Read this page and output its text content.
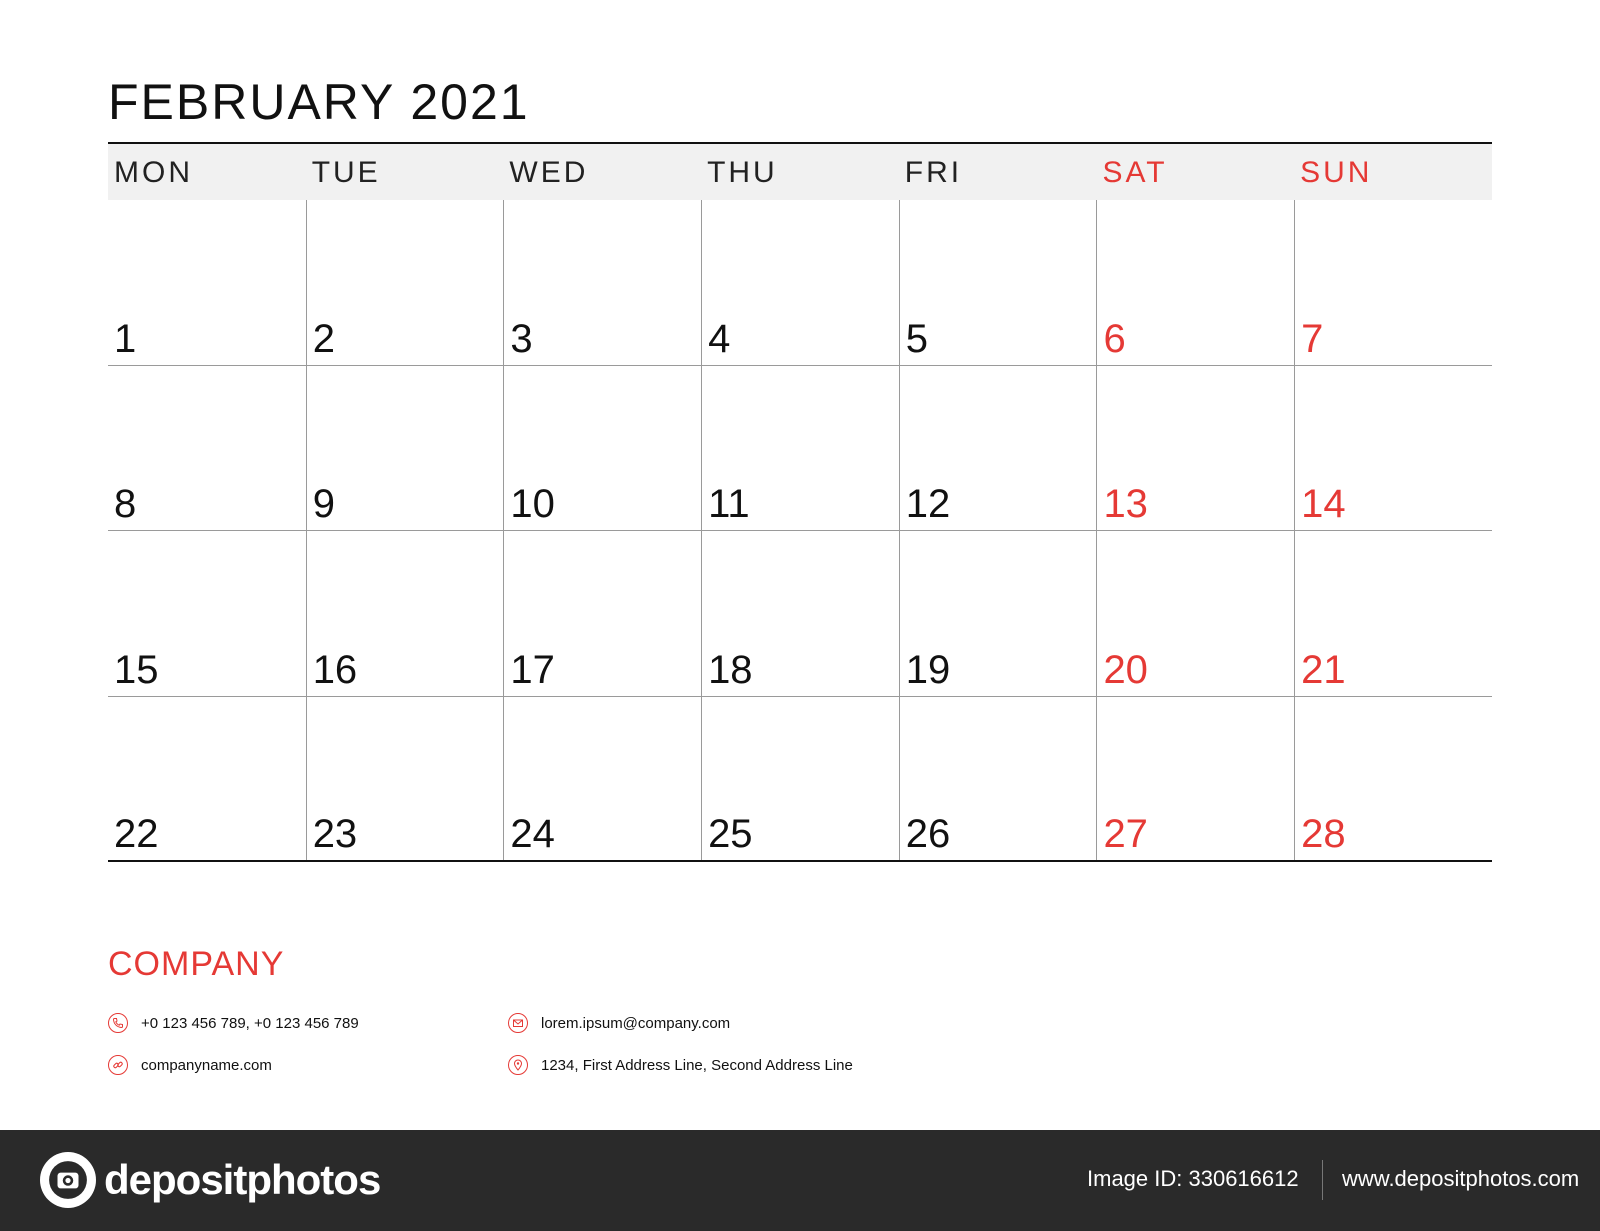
FEBRUARY 2021
MON	TUE	WED	THU	FRI	SAT	SUN
1	2	3	4	5	6	7
8	9	10	11	12	13	14
15	16	17	18	19	20	21
22	23	24	25	26	27	28
COMPANY
+0 123 456 789, +0 123 456 789	lorem.ipsum@company.com
companyname.com	1234, First Address Line, Second Address Line
depositphotos	Image ID: 330616612 www.depositphotos.com
